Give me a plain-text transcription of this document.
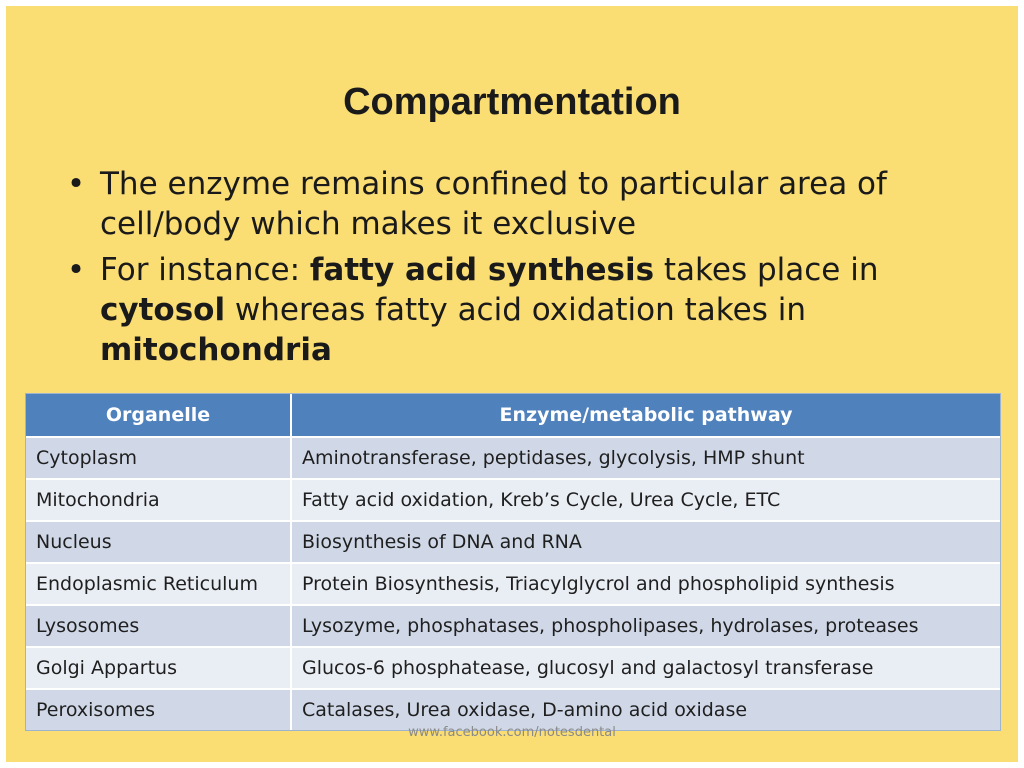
Compartmentation
• The enzyme remains confined to particular area of cell/body which makes it exclusive
• For instance: fatty acid synthesis takes place in cytosol whereas fatty acid oxidation takes in mitochondria
Organelle	Enzyme/metabolic pathway
Cytoplasm	Aminotransferase, peptidases, glycolysis, HMP shunt
Mitochondria	Fatty acid oxidation, Kreb’s Cycle, Urea Cycle, ETC
Nucleus	Biosynthesis of DNA and RNA
Endoplasmic Reticulum	Protein Biosynthesis, Triacylglycrol and phospholipid synthesis
Lysosomes	Lysozyme, phosphatases, phospholipases, hydrolases, proteases
Golgi Appartus	Glucos-6 phosphatease, glucosyl and galactosyl transferase
Peroxisomes	Catalases, Urea oxidase, D-amino acid oxidase
www.facebook.com/notesdental
